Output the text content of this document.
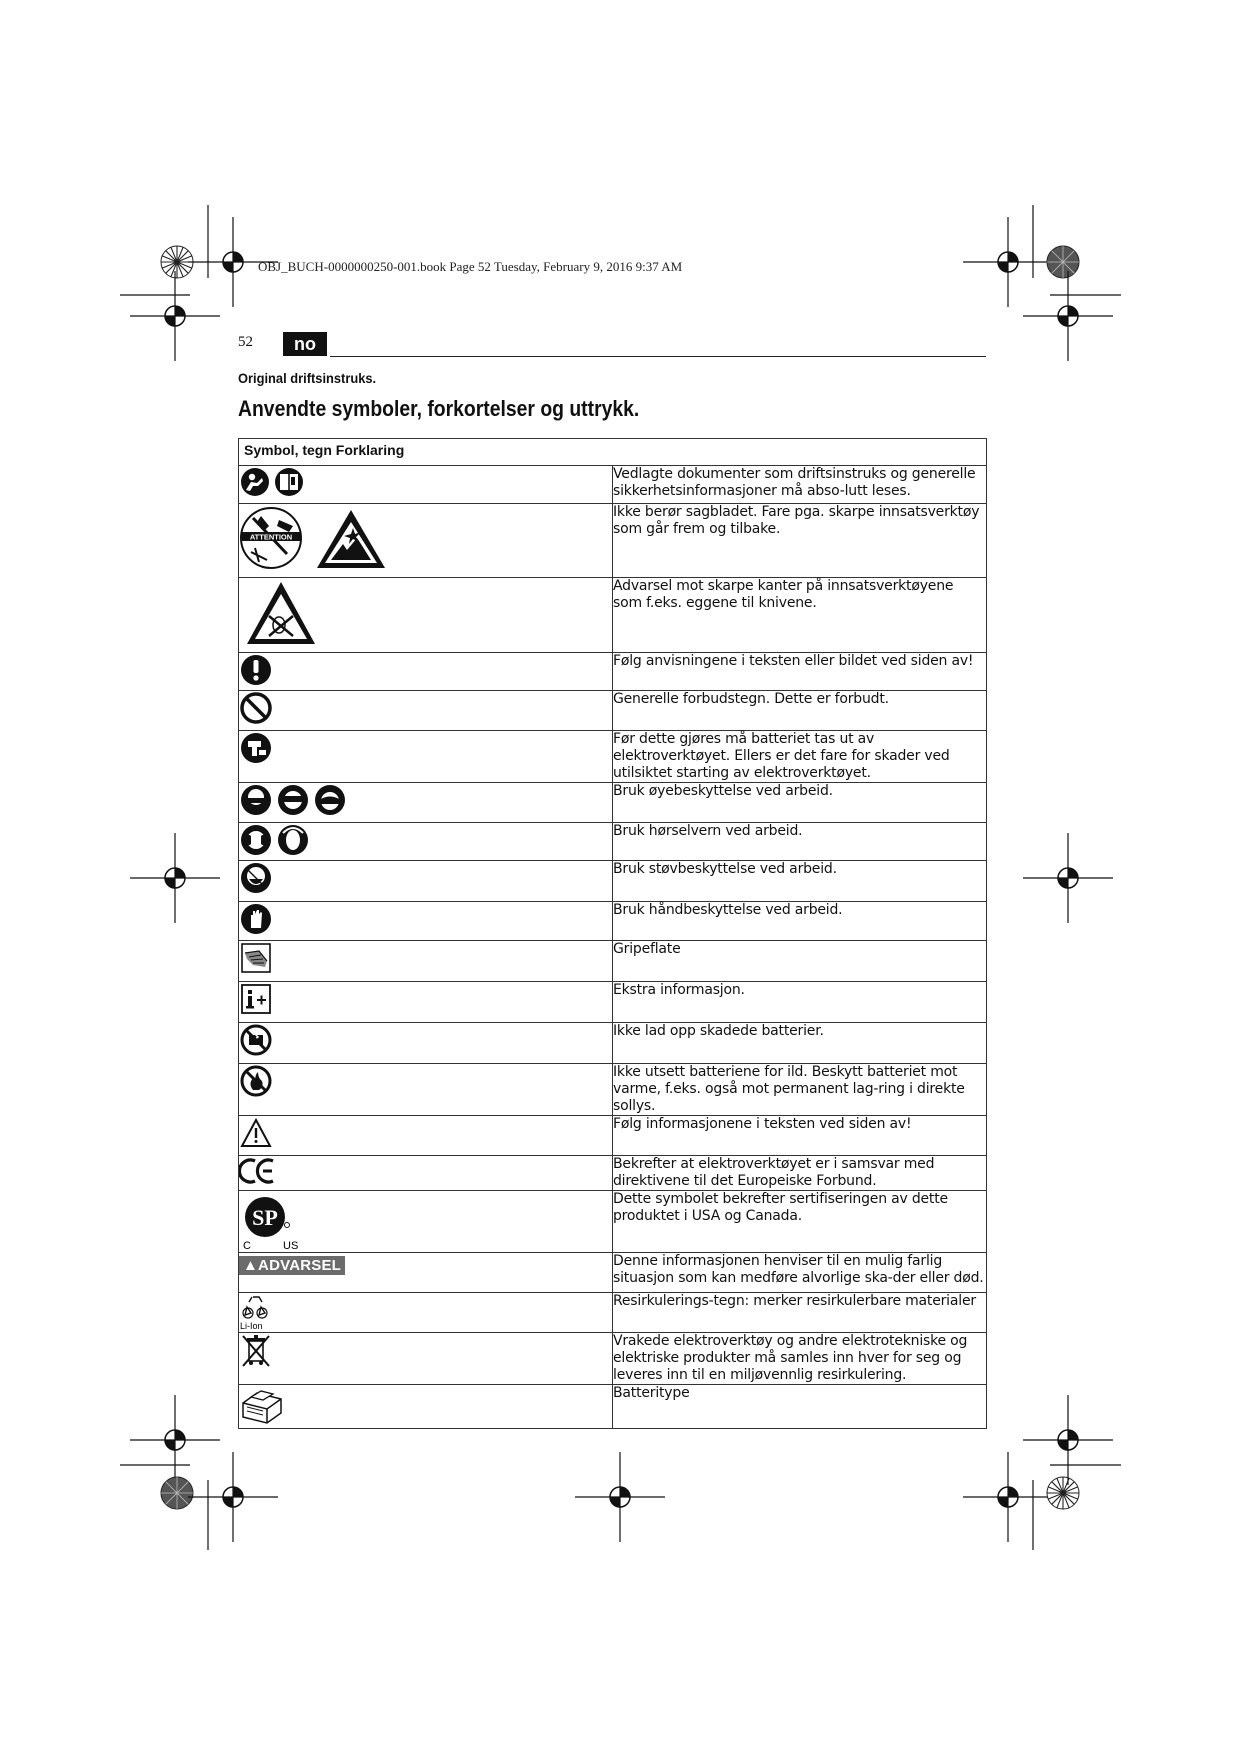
OBJ_BUCH-0000000250-001.book Page 52 Tuesday, February 9, 2016 9:37 AM
52	no
Original driftsinstruks.
Anvendte symboler, forkortelser og uttrykk.
Symbol, tegn Forklaring	

	Vedlagte dokumenter som driftsinstruks og generelle sikkerhetsinformasjoner må abso-lutt leses.

ATTENTION	Ikke berør sagbladet. Fare pga. skarpe innsatsverktøy som går frem og tilbake.

	Advarsel mot skarpe kanter på innsatsverktøyene som f.eks. eggene til knivene.

	Følg anvisningene i teksten eller bildet ved siden av!

	Generelle forbudstegn. Dette er forbudt.

	Før dette gjøres må batteriet tas ut av elektroverktøyet. Ellers er det fare for skader ved utilsiktet starting av elektroverktøyet.

	Bruk øyebeskyttelse ved arbeid.

	Bruk hørselvern ved arbeid.

	Bruk støvbeskyttelse ved arbeid.

	Bruk håndbeskyttelse ved arbeid.

	Gripeflate

	Ekstra informasjon.

	Ikke lad opp skadede batterier.

	Ikke utsett batteriene for ild. Beskytt batteriet mot varme, f.eks. også mot permanent lag-ring i direkte sollys.

	Følg informasjonene i teksten ved siden av!

	Bekrefter at elektroverktøyet er i samsvar med direktivene til det Europeiske Forbund.

SP
C US	Dette symbolet bekrefter sertifiseringen av dette produktet i USA og Canada.
▲ADVARSEL	Denne informasjonen henviser til en mulig farlig situasjon som kan medføre alvorlige ska-der eller død.

Li-Ion	Resirkulerings-tegn: merker resirkulerbare materialer

	Vrakede elektroverktøy og andre elektrotekniske og elektriske produkter må samles inn hver for seg og leveres inn til en miljøvennlig resirkulering.

	Batteritype
